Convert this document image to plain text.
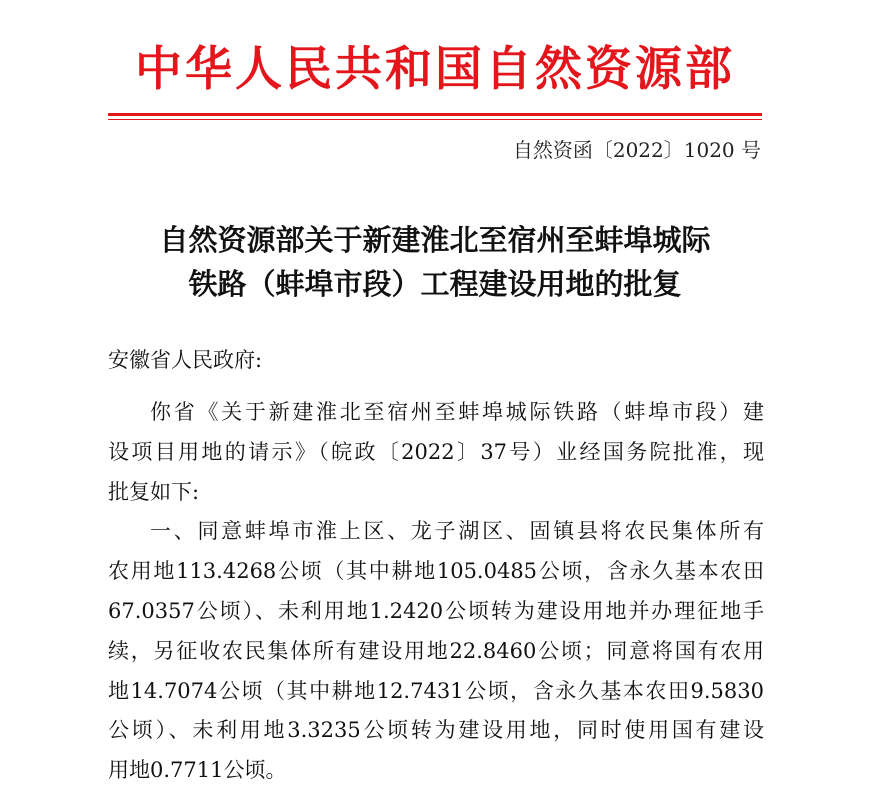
中华人民共和国自然资源部
自然资函〔2022〕1020 号
自然资源部关于新建淮北至宿州至蚌埠城际
铁路（蚌埠市段）工程建设用地的批复
安徽省人民政府:
你省《关于新建淮北至宿州至蚌埠城际铁路（蚌埠市段）建
设项目用地的请示》（皖政〔2022〕37号）业经国务院批准，现
批复如下:
一、同意蚌埠市淮上区、龙子湖区、固镇县将农民集体所有
农用地113.4268公顷（其中耕地105.0485公顷，含永久基本农田
67.0357公顷）、未利用地1.2420公顷转为建设用地并办理征地手
续，另征收农民集体所有建设用地22.8460公顷；同意将国有农用
地14.7074公顷（其中耕地12.7431公顷，含永久基本农田9.5830
公顷）、未利用地3.3235公顷转为建设用地，同时使用国有建设
用地0.7711公顷。
